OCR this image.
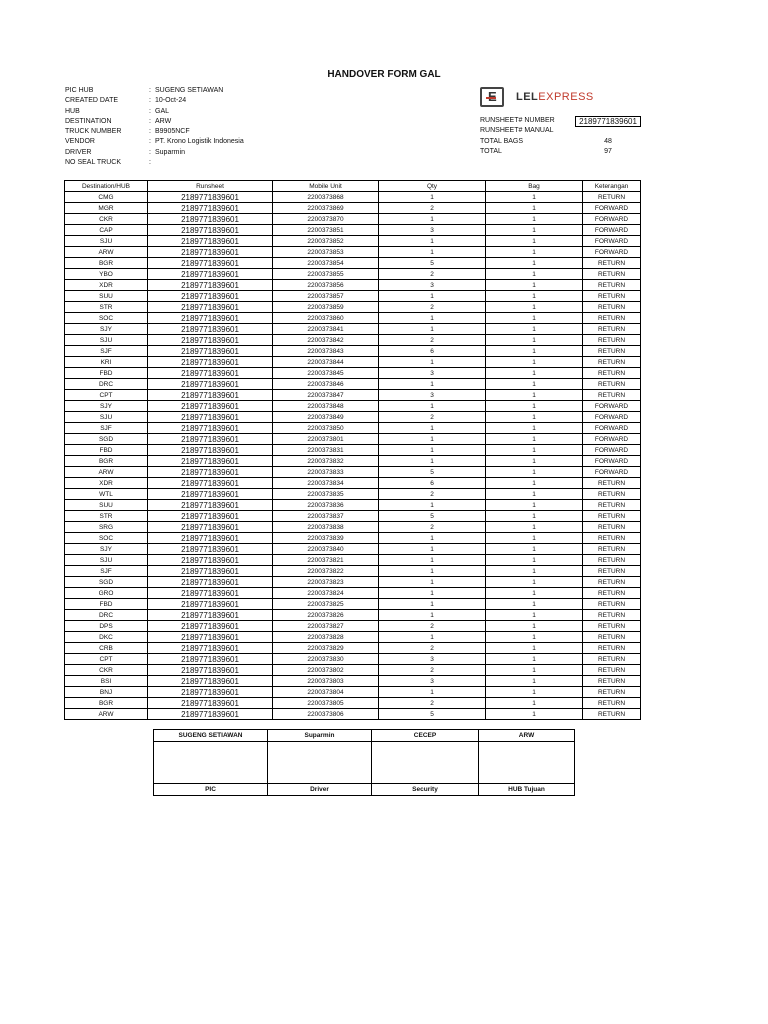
HANDOVER FORM GAL
PIC HUB	: SUGENG SETIAWAN
CREATED DATE	: 10-Oct-24
HUB	: GAL
DESTINATION	: ARW
TRUCK NUMBER	: B9905NCF
VENDOR	: PT. Krono Logistik Indonesia
DRIVER	: Suparmin
NO SEAL TRUCK	:
LELEXPRESS
RUNSHEET# NUMBER	2189771839601
RUNSHEET# MANUAL
TOTAL BAGS	48
TOTAL	97
Destination/HUB	Runsheet	Mobile Unit	Qty	Bag	Keterangan
CMG	2189771839601	2200373868	1	1	RETURN
MGR	2189771839601	2200373869	2	1	FORWARD
CKR	2189771839601	2200373870	1	1	FORWARD
CAP	2189771839601	2200373851	3	1	FORWARD
SJU	2189771839601	2200373852	1	1	FORWARD
ARW	2189771839601	2200373853	1	1	FORWARD
BGR	2189771839601	2200373854	5	1	RETURN
YBO	2189771839601	2200373855	2	1	RETURN
XDR	2189771839601	2200373856	3	1	RETURN
SUU	2189771839601	2200373857	1	1	RETURN
STR	2189771839601	2200373859	2	1	RETURN
SOC	2189771839601	2200373860	1	1	RETURN
SJY	2189771839601	2200373841	1	1	RETURN
SJU	2189771839601	2200373842	2	1	RETURN
SJF	2189771839601	2200373843	6	1	RETURN
KRI	2189771839601	2200373844	1	1	RETURN
FBD	2189771839601	2200373845	3	1	RETURN
DRC	2189771839601	2200373846	1	1	RETURN
CPT	2189771839601	2200373847	3	1	RETURN
SJY	2189771839601	2200373848	1	1	FORWARD
SJU	2189771839601	2200373849	2	1	FORWARD
SJF	2189771839601	2200373850	1	1	FORWARD
SGD	2189771839601	2200373801	1	1	FORWARD
FBD	2189771839601	2200373831	1	1	FORWARD
BGR	2189771839601	2200373832	1	1	FORWARD
ARW	2189771839601	2200373833	5	1	FORWARD
XDR	2189771839601	2200373834	6	1	RETURN
WTL	2189771839601	2200373835	2	1	RETURN
SUU	2189771839601	2200373836	1	1	RETURN
STR	2189771839601	2200373837	5	1	RETURN
SRG	2189771839601	2200373838	2	1	RETURN
SOC	2189771839601	2200373839	1	1	RETURN
SJY	2189771839601	2200373840	1	1	RETURN
SJU	2189771839601	2200373821	1	1	RETURN
SJF	2189771839601	2200373822	1	1	RETURN
SGD	2189771839601	2200373823	1	1	RETURN
GRO	2189771839601	2200373824	1	1	RETURN
FBD	2189771839601	2200373825	1	1	RETURN
DRC	2189771839601	2200373826	1	1	RETURN
DPS	2189771839601	2200373827	2	1	RETURN
DKC	2189771839601	2200373828	1	1	RETURN
CRB	2189771839601	2200373829	2	1	RETURN
CPT	2189771839601	2200373830	3	1	RETURN
CKR	2189771839601	2200373802	2	1	RETURN
BSI	2189771839601	2200373803	3	1	RETURN
BNJ	2189771839601	2200373804	1	1	RETURN
BGR	2189771839601	2200373805	2	1	RETURN
ARW	2189771839601	2200373806	5	1	RETURN
SUGENG SETIAWAN	Suparmin	CECEP	ARW

PIC	Driver	Security	HUB Tujuan
